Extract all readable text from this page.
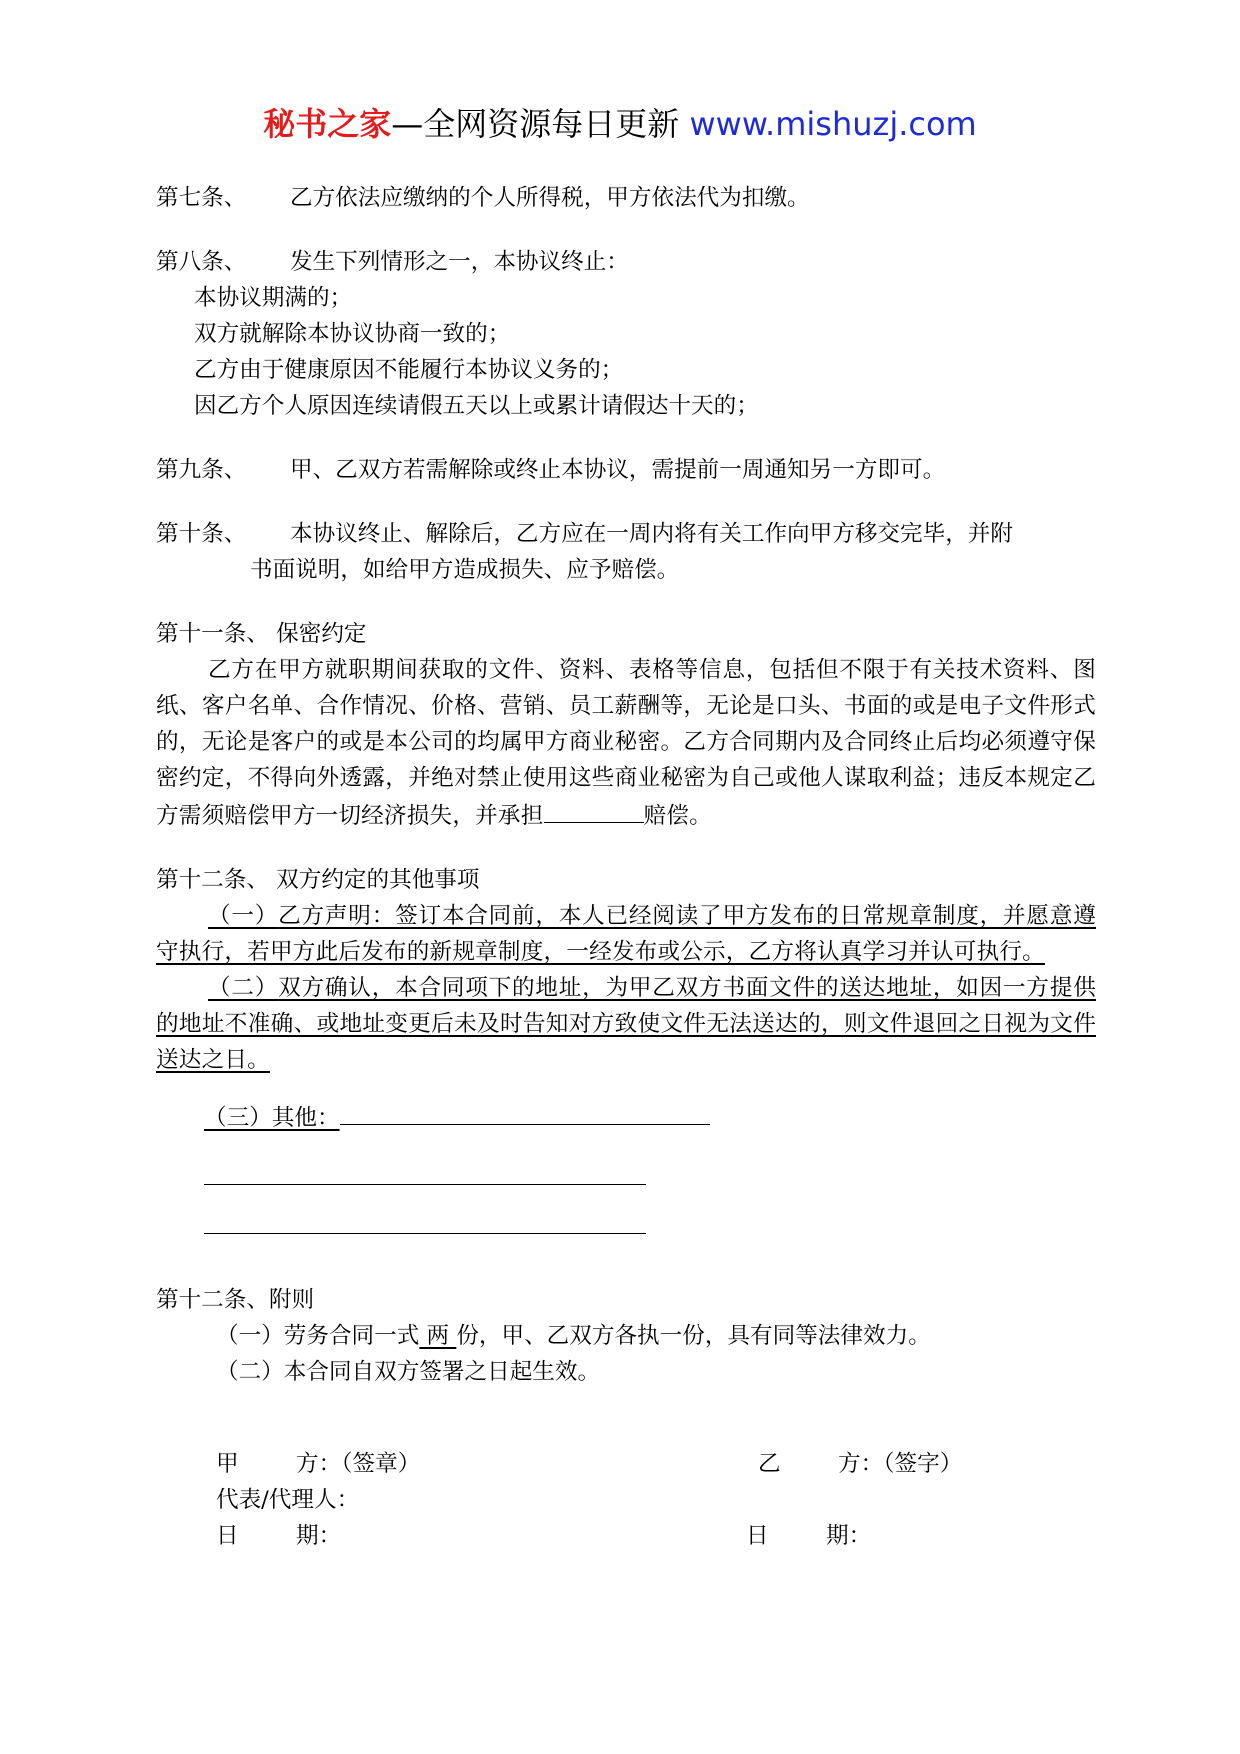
秘书之家—全网资源每日更新 www.mishuzj.com

第七条、 乙方依法应缴纳的个人所得税，甲方依法代为扣缴。

第八条、 发生下列情形之一，本协议终止：

本协议期满的；

双方就解除本协议协商一致的；

乙方由于健康原因不能履行本协议义务的；

因乙方个人原因连续请假五天以上或累计请假达十天的；

第九条、 甲、乙双方若需解除或终止本协议，需提前一周通知另一方即可。

第十条、 本协议终止、解除后，乙方应在一周内将有关工作向甲方移交完毕，并附

书面说明，如给甲方造成损失、应予赔偿。

第十一条、 保密约定

乙方在甲方就职期间获取的文件、资料、表格等信息，包括但不限于有关技术资料、图纸、客户名单、合作情况、价格、营销、员工薪酬等，无论是口头、书面的或是电子文件形式的，无论是客户的或是本公司的均属甲方商业秘密。乙方合同期内及合同终止后均必须遵守保密约定，不得向外透露，并绝对禁止使用这些商业秘密为自己或他人谋取利益；违反本规定乙方需须赔偿甲方一切经济损失，并承担	赔偿。

第十二条、 双方约定的其他事项

（一）乙方声明：签订本合同前，本人已经阅读了甲方发布的日常规章制度，并愿意遵守执行，若甲方此后发布的新规章制度，一经发布或公示，乙方将认真学习并认可执行。

（二）双方确认，本合同项下的地址，为甲乙双方书面文件的送达地址，如因一方提供的地址不准确、或地址变更后未及时告知对方致使文件无法送达的，则文件退回之日视为文件送达之日。

（三）其他：

第十二条、附则

（一）劳务合同一式 两 份，甲、乙双方各执一份，具有同等法律效力。

（二）本合同自双方签署之日起生效。

甲        方：（签章）	乙        方：（签字）
代表/代理人：
日        期：	日        期：
